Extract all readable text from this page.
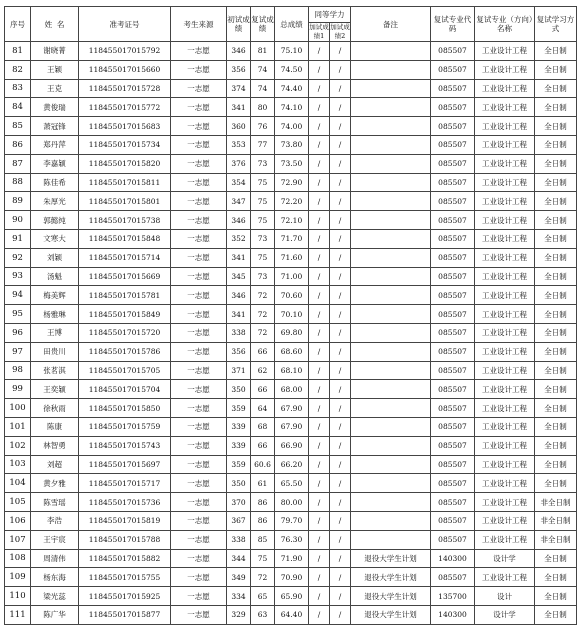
序号	姓  名	准考证号	考生来源	初试成绩	复试成绩	总成绩	同等学力		备注	复试专业代码	复试专业（方向）名称	复试学习方式
							加试成绩1	加试成绩2				
81	谢晓菁	118455017015792	一志愿	346	81	75.10	/	/		085507	工业设计工程	全日制
82	王颖	118455017015660	一志愿	356	74	74.50	/	/		085507	工业设计工程	全日制
83	王克	118455017015728	一志愿	374	74	74.40	/	/		085507	工业设计工程	全日制
84	黄俊瑞	118455017015772	一志愿	341	80	74.10	/	/		085507	工业设计工程	全日制
85	萧冠锋	118455017015683	一志愿	360	76	74.00	/	/		085507	工业设计工程	全日制
86	郑丹萍	118455017015734	一志愿	353	77	73.80	/	/		085507	工业设计工程	全日制
87	李嘉颖	118455017015820	一志愿	376	73	73.50	/	/		085507	工业设计工程	全日制
88	陈佳希	118455017015811	一志愿	354	75	72.90	/	/		085507	工业设计工程	全日制
89	朱厚光	118455017015801	一志愿	347	75	72.20	/	/		085507	工业设计工程	全日制
90	郭懿纯	118455017015738	一志愿	346	75	72.10	/	/		085507	工业设计工程	全日制
91	文寒大	118455017015848	一志愿	352	73	71.70	/	/		085507	工业设计工程	全日制
92	刘颖	118455017015714	一志愿	341	75	71.60	/	/		085507	工业设计工程	全日制
93	汤魁	118455017015669	一志愿	345	73	71.00	/	/		085507	工业设计工程	全日制
94	梅美辉	118455017015781	一志愿	346	72	70.60	/	/		085507	工业设计工程	全日制
95	杨雅琳	118455017015849	一志愿	341	72	70.10	/	/		085507	工业设计工程	全日制
96	王博	118455017015720	一志愿	338	72	69.80	/	/		085507	工业设计工程	全日制
97	田贵川	118455017015786	一志愿	356	66	68.60	/	/		085507	工业设计工程	全日制
98	张茗淇	118455017015705	一志愿	371	62	68.10	/	/		085507	工业设计工程	全日制
99	王奕颖	118455017015704	一志愿	350	66	68.00	/	/		085507	工业设计工程	全日制
100	徐秋雨	118455017015850	一志愿	359	64	67.90	/	/		085507	工业设计工程	全日制
101	陈康	118455017015759	一志愿	339	68	67.90	/	/		085507	工业设计工程	全日制
102	林智勇	118455017015743	一志愿	339	66	66.90	/	/		085507	工业设计工程	全日制
103	刘超	118455017015697	一志愿	359	60.6	66.20	/	/		085507	工业设计工程	全日制
104	黄夕雅	118455017015717	一志愿	350	61	65.50	/	/		085507	工业设计工程	全日制
105	陈雪瑶	118455017015736	一志愿	370	86	80.00	/	/		085507	工业设计工程	非全日制
106	李浩	118455017015819	一志愿	367	86	79.70	/	/		085507	工业设计工程	非全日制
107	王宇宸	118455017015788	一志愿	338	85	76.30	/	/		085507	工业设计工程	非全日制
108	周清伟	118455017015882	一志愿	344	75	71.90	/	/	退役大学生计划	140300	设计学	全日制
109	杨东海	118455017015755	一志愿	349	72	70.90	/	/	退役大学生计划	085507	工业设计工程	全日制
110	梁光蕊	118455017015925	一志愿	334	65	65.90	/	/	退役大学生计划	135700	设计	全日制
111	陈广华	118455017015877	一志愿	329	63	64.40	/	/	退役大学生计划	140300	设计学	全日制
